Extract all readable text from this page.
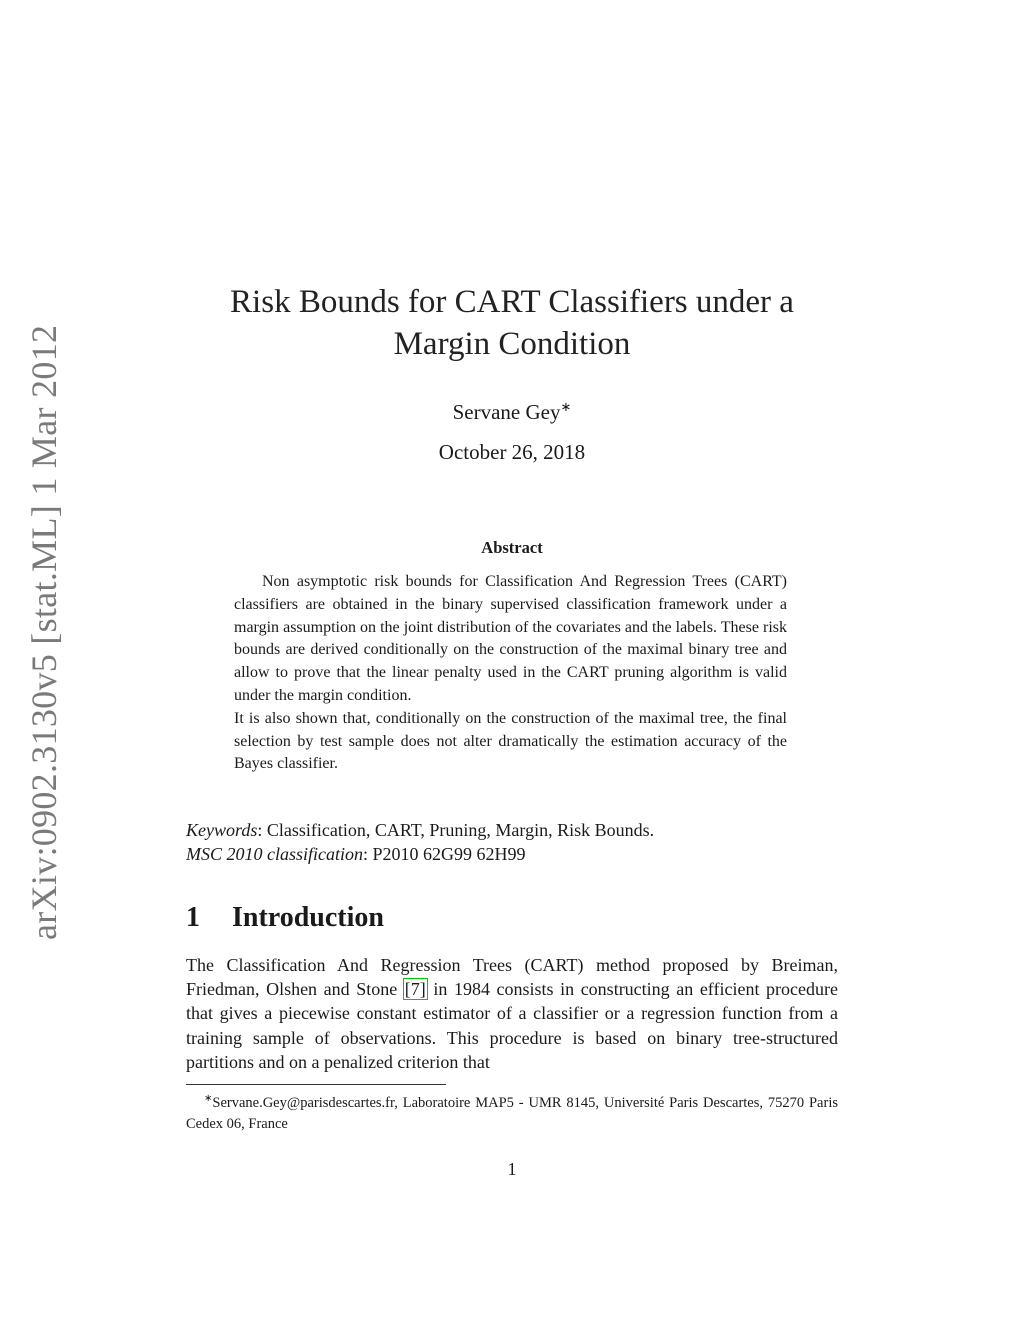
arXiv:0902.3130v5 [stat.ML] 1 Mar 2012
Risk Bounds for CART Classifiers under a
Margin Condition
Servane Gey∗
October 26, 2018
Abstract

Non asymptotic risk bounds for Classification And Regression Trees (CART) classifiers are obtained in the binary supervised classification framework under a margin assumption on the joint distribution of the covariates and the labels. These risk bounds are derived conditionally on the construction of the maximal binary tree and allow to prove that the linear penalty used in the CART pruning algorithm is valid under the margin condition.

It is also shown that, conditionally on the construction of the maximal tree, the final selection by test sample does not alter dramatically the estimation accuracy of the Bayes classifier.

Keywords: Classification, CART, Pruning, Margin, Risk Bounds.
MSC 2010 classification: P2010 62G99 62H99
1 Introduction
The Classification And Regression Trees (CART) method proposed by Breiman, Friedman, Olshen and Stone [7] in 1984 consists in constructing an efficient procedure that gives a piecewise constant estimator of a classifier or a regression function from a training sample of observations. This procedure is based on binary tree-structured partitions and on a penalized criterion that
∗Servane.Gey@parisdescartes.fr, Laboratoire MAP5 - UMR 8145, Université Paris Descartes, 75270 Paris Cedex 06, France
1
